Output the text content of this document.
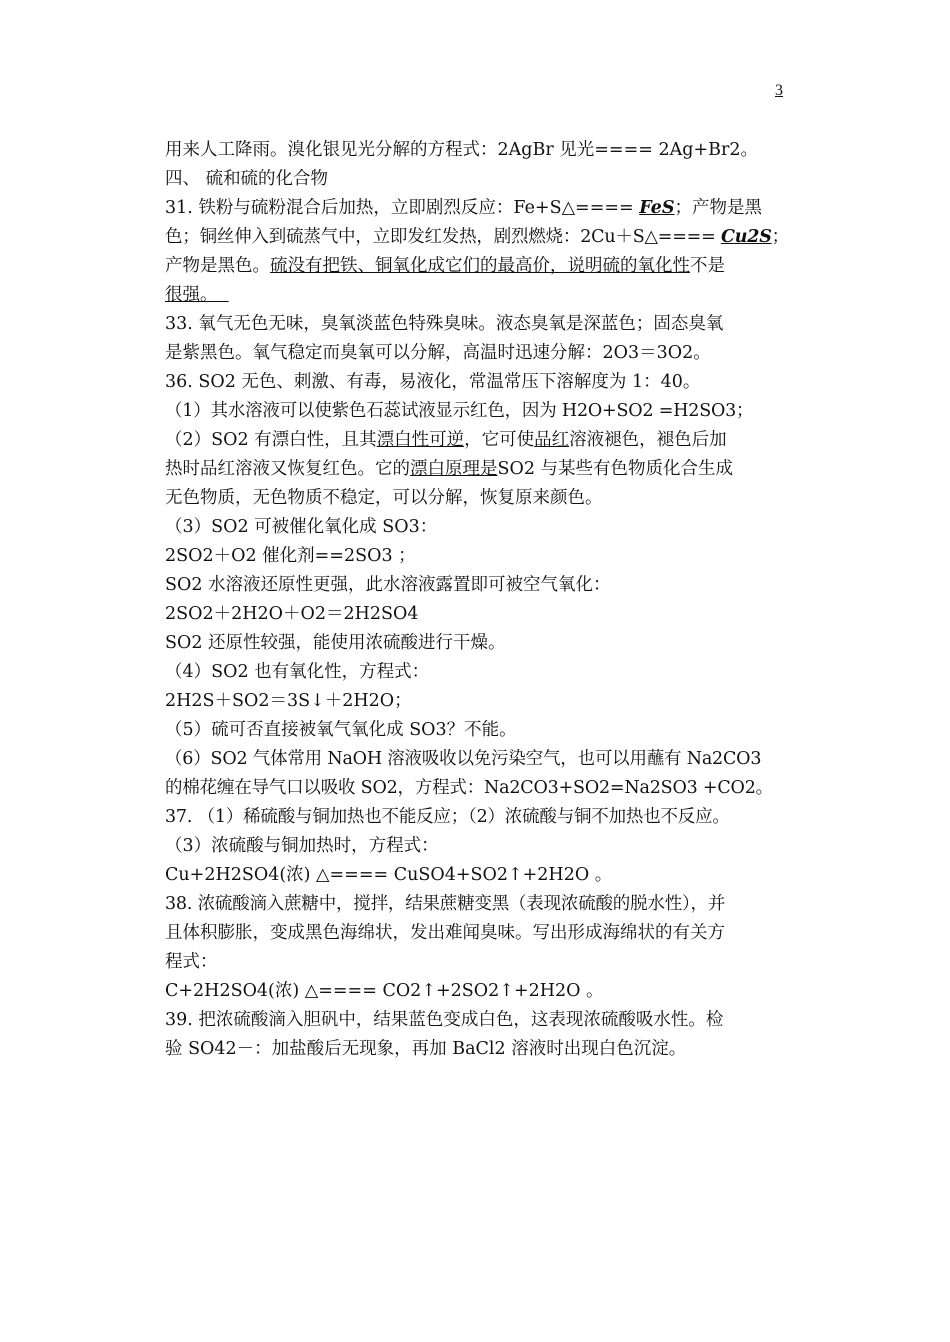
3
用来人工降雨。溴化银见光分解的方程式：2AgBr 见光==== 2Ag+Br2。
四、 硫和硫的化合物
31. 铁粉与硫粉混合后加热，立即剧烈反应：Fe+S△==== FeS；产物是黑
色；铜丝伸入到硫蒸气中，立即发红发热，剧烈燃烧：2Cu＋S△==== Cu2S；
产物是黑色。硫没有把铁、铜氧化成它们的最高价，说明硫的氧化性不是
很强。
33. 氧气无色无味，臭氧淡蓝色特殊臭味。液态臭氧是深蓝色；固态臭氧
是紫黑色。氧气稳定而臭氧可以分解，高温时迅速分解：2O3＝3O2。
36. SO2 无色、刺激、有毒，易液化，常温常压下溶解度为 1：40。
（1）其水溶液可以使紫色石蕊试液显示红色，因为 H2O+SO2 =H2SO3；
（2）SO2 有漂白性，且其漂白性可逆，它可使品红溶液褪色，褪色后加
热时品红溶液又恢复红色。它的漂白原理是SO2 与某些有色物质化合生成
无色物质，无色物质不稳定，可以分解，恢复原来颜色。
（3）SO2 可被催化氧化成 SO3：
2SO2＋O2 催化剂==2SO3 ；
SO2 水溶液还原性更强，此水溶液露置即可被空气氧化：
2SO2＋2H2O＋O2＝2H2SO4
SO2 还原性较强，能使用浓硫酸进行干燥。
（4）SO2 也有氧化性，方程式：
2H2S＋SO2＝3S↓＋2H2O；
（5）硫可否直接被氧气氧化成 SO3？不能。
（6）SO2 气体常用 NaOH 溶液吸收以免污染空气，也可以用蘸有 Na2CO3
的棉花缠在导气口以吸收 SO2，方程式：Na2CO3+SO2=Na2SO3 +CO2。
37. （1）稀硫酸与铜加热也不能反应；（2）浓硫酸与铜不加热也不反应。
（3）浓硫酸与铜加热时，方程式：
Cu+2H2SO4(浓) △==== CuSO4+SO2↑+2H2O 。
38. 浓硫酸滴入蔗糖中，搅拌，结果蔗糖变黑（表现浓硫酸的脱水性），并
且体积膨胀，变成黑色海绵状，发出难闻臭味。写出形成海绵状的有关方
程式：
C+2H2SO4(浓) △==== CO2↑+2SO2↑+2H2O 。
39. 把浓硫酸滴入胆矾中，结果蓝色变成白色，这表现浓硫酸吸水性。检
验 SO42－：加盐酸后无现象，再加 BaCl2 溶液时出现白色沉淀。
